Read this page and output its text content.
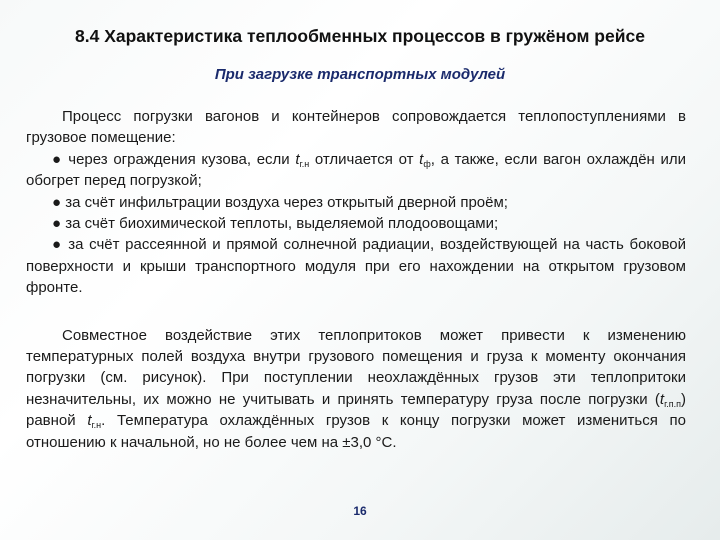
8.4 Характеристика теплообменных процессов в гружёном рейсе
При загрузке транспортных модулей

Процесс погрузки вагонов и контейнеров сопровождается теплопоступлениями в грузовое помещение:

● через ограждения кузова, если $t_{г.н}$ отличается от $t_ф$, а также, если вагон охлаждён или обогрет перед погрузкой;

● за счёт инфильтрации воздуха через открытый дверной проём;

● за счёт биохимической теплоты, выделяемой плодоовощами;

● за счёт рассеянной и прямой солнечной радиации, воздействующей на часть боковой поверхности и крыши транспортного модуля при его нахождении на открытом грузовом фронте.

Совместное воздействие этих теплопритоков может привести к изменению температурных полей воздуха внутри грузового помещения и груза к моменту окончания погрузки (см. рисунок). При поступлении неохлаждённых грузов эти теплопритоки незначительны, их можно не учитывать и принять температуру груза после погрузки $(t_{г.п.п})$ равной $t_{г.н}$. Температура охлаждённых грузов к концу погрузки может измениться по отношению к начальной, но не более чем на ±3,0 °С.

16
